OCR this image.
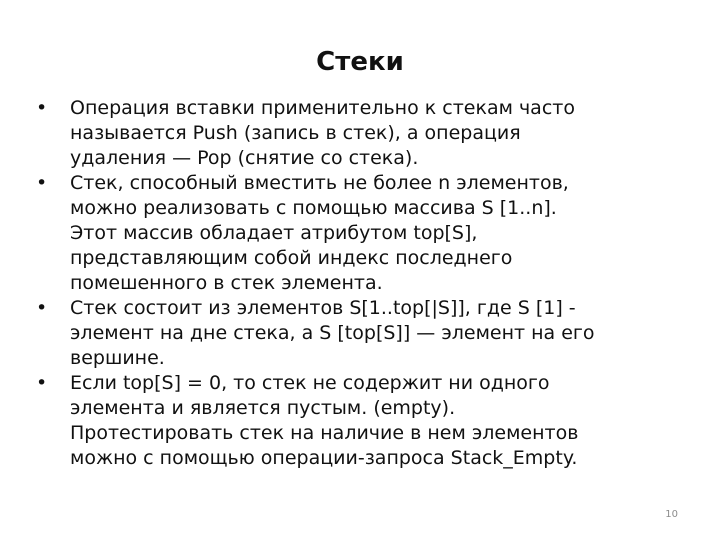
Стеки
•	Операция вставки применительно к стекам часто
называется Push (запись в стек), а операция
удаления — Pop (снятие со стека).
•	Стек, способный вместить не более n элементов,
можно реализовать с помощью массива S [1..n].
Этот массив обладает атрибутом top[S],
представляющим собой индекс последнего
помешенного в стек элемента.
•	Стек состоит из элементов S[1..top[|S]], где S [1] -
элемент на дне стека, а S [top[S]] — элемент на его
вершине.
•	Если top[S] = 0, то стек не содержит ни одного
элемента и является пустым. (empty).
Протестировать стек на наличие в нем элементов
можно с помощью операции-запроса Stack_Empty.
10
